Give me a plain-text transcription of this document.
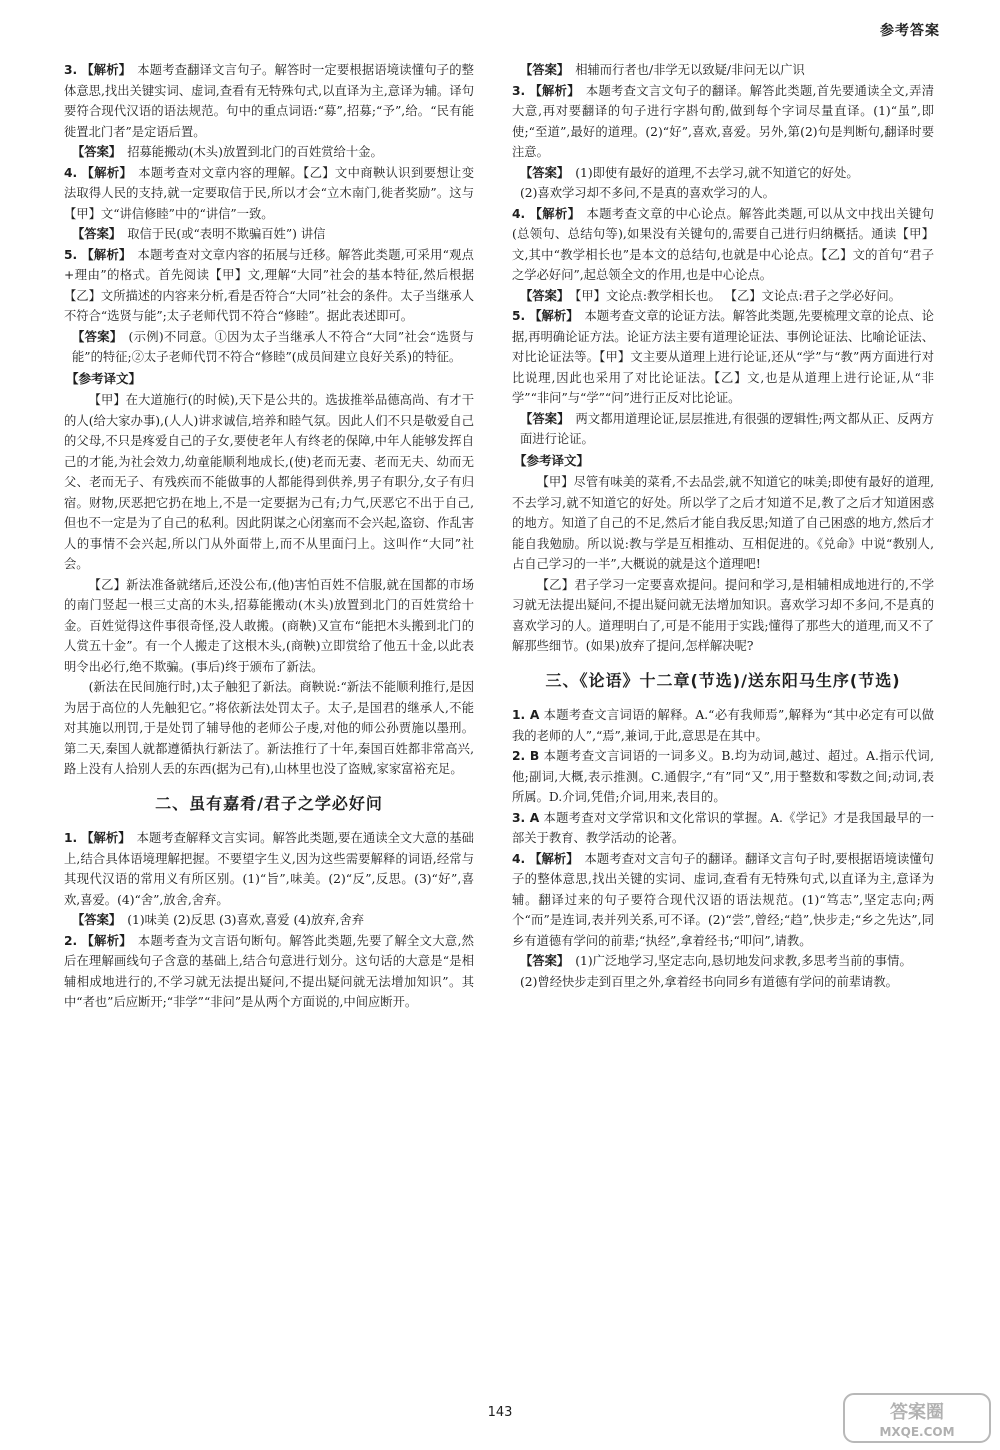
参考答案

3. 【解析】 本题考查翻译文言句子。解答时一定要根据语境读懂句子的整体意思,找出关键实词、虚词,查看有无特殊句式,以直译为主,意译为辅。译句要符合现代汉语的语法规范。句中的重点词语:“募”,招募;“予”,给。“民有能徙置北门者”是定语后置。

【答案】 招募能搬动(木头)放置到北门的百姓赏给十金。

4. 【解析】 本题考查对文章内容的理解。【乙】文中商鞅认识到要想让变法取得人民的支持,就一定要取信于民,所以才会“立木南门,徙者奖励”。这与【甲】文“讲信修睦”中的“讲信”一致。

【答案】 取信于民(或“表明不欺骗百姓”) 讲信

5. 【解析】 本题考查对文章内容的拓展与迁移。解答此类题,可采用“观点+理由”的格式。首先阅读【甲】文,理解“大同”社会的基本特征,然后根据【乙】文所描述的内容来分析,看是否符合“大同”社会的条件。太子当继承人不符合“选贤与能”;太子老师代罚不符合“修睦”。据此表述即可。

【答案】 (示例)不同意。①因为太子当继承人不符合“大同”社会“选贤与能”的特征;②太子老师代罚不符合“修睦”(成员间建立良好关系)的特征。

【参考译文】

【甲】在大道施行(的时候),天下是公共的。选拔推举品德高尚、有才干的人(给大家办事),(人人)讲求诚信,培养和睦气氛。因此人们不只是敬爱自己的父母,不只是疼爱自己的子女,要使老年人有终老的保障,中年人能够发挥自己的才能,为社会效力,幼童能顺利地成长,(使)老而无妻、老而无夫、幼而无父、老而无子、有残疾而不能做事的人都能得到供养,男子有职分,女子有归宿。财物,厌恶把它扔在地上,不是一定要据为己有;力气,厌恶它不出于自己,但也不一定是为了自己的私利。因此阴谋之心闭塞而不会兴起,盗窃、作乱害人的事情不会兴起,所以门从外面带上,而不从里面闩上。这叫作“大同”社会。

【乙】新法准备就绪后,还没公布,(他)害怕百姓不信服,就在国都的市场的南门竖起一根三丈高的木头,招募能搬动(木头)放置到北门的百姓赏给十金。百姓觉得这件事很奇怪,没人敢搬。(商鞅)又宣布“能把木头搬到北门的人赏五十金”。有一个人搬走了这根木头,(商鞅)立即赏给了他五十金,以此表明令出必行,绝不欺骗。(事后)终于颁布了新法。

(新法在民间施行时,)太子触犯了新法。商鞅说:“新法不能顺利推行,是因为居于高位的人先触犯它。”将依新法处罚太子。太子,是国君的继承人,不能对其施以刑罚,于是处罚了辅导他的老师公子虔,对他的师公孙贾施以墨刑。第二天,秦国人就都遵循执行新法了。新法推行了十年,秦国百姓都非常高兴,路上没有人拾别人丢的东西(据为己有),山林里也没了盗贼,家家富裕充足。

二、虽有嘉肴/君子之学必好问

1. 【解析】 本题考查解释文言实词。解答此类题,要在通读全文大意的基础上,结合具体语境理解把握。不要望字生义,因为这些需要解释的词语,经常与其现代汉语的常用义有所区别。(1)“旨”,味美。(2)“反”,反思。(3)“好”,喜欢,喜爱。(4)“舍”,放舍,舍弃。

【答案】 (1)味美 (2)反思 (3)喜欢,喜爱 (4)放弃,舍弃

2. 【解析】 本题考查为文言语句断句。解答此类题,先要了解全文大意,然后在理解画线句子含意的基础上,结合句意进行划分。这句话的大意是“是相辅相成地进行的,不学习就无法提出疑问,不提出疑问就无法增加知识”。其中“者也”后应断开;“非学”“非问”是从两个方面说的,中间应断开。

【答案】 相辅而行者也/非学无以致疑/非问无以广识

3. 【解析】 本题考查文言文句子的翻译。解答此类题,首先要通读全文,弄清大意,再对要翻译的句子进行字斟句酌,做到每个字词尽量直译。(1)“虽”,即使;“至道”,最好的道理。(2)“好”,喜欢,喜爱。另外,第(2)句是判断句,翻译时要注意。

【答案】 (1)即使有最好的道理,不去学习,就不知道它的好处。

(2)喜欢学习却不多问,不是真的喜欢学习的人。

4. 【解析】 本题考查文章的中心论点。解答此类题,可以从文中找出关键句(总领句、总结句等),如果没有关键句的,需要自己进行归纳概括。通读【甲】文,其中“教学相长也”是本文的总结句,也就是中心论点。【乙】文的首句“君子之学必好问”,起总领全文的作用,也是中心论点。

【答案】 【甲】文论点:教学相长也。 【乙】文论点:君子之学必好问。

5. 【解析】 本题考查文章的论证方法。解答此类题,先要梳理文章的论点、论据,再明确论证方法。论证方法主要有道理论证法、事例论证法、比喻论证法、对比论证法等。【甲】文主要从道理上进行论证,还从“学”与“教”两方面进行对比说理,因此也采用了对比论证法。【乙】文,也是从道理上进行论证,从“非学”“非问”与“学”“问”进行正反对比论证。

【答案】 两文都用道理论证,层层推进,有很强的逻辑性;两文都从正、反两方面进行论证。

【参考译文】

【甲】尽管有味美的菜肴,不去品尝,就不知道它的味美;即使有最好的道理,不去学习,就不知道它的好处。所以学了之后才知道不足,教了之后才知道困惑的地方。知道了自己的不足,然后才能自我反思;知道了自己困惑的地方,然后才能自我勉励。所以说:教与学是互相推动、互相促进的。《兑命》中说“教别人,占自己学习的一半”,大概说的就是这个道理吧!

【乙】君子学习一定要喜欢提问。提问和学习,是相辅相成地进行的,不学习就无法提出疑问,不提出疑问就无法增加知识。喜欢学习却不多问,不是真的喜欢学习的人。道理明白了,可是不能用于实践;懂得了那些大的道理,而又不了解那些细节。(如果)放弃了提问,怎样解决呢?

三、《论语》十二章(节选)/送东阳马生序(节选)

1. A 本题考查文言词语的解释。A.“必有我师焉”,解释为“其中必定有可以做我的老师的人”,“焉”,兼词,于此,意思是在其中。

2. B 本题考查文言词语的一词多义。B.均为动词,越过、超过。A.指示代词,他;副词,大概,表示推测。C.通假字,“有”同“又”,用于整数和零数之间;动词,表所属。D.介词,凭借;介词,用来,表目的。

3. A 本题考查对文学常识和文化常识的掌握。A.《学记》才是我国最早的一部关于教育、教学活动的论著。

4. 【解析】 本题考查对文言句子的翻译。翻译文言句子时,要根据语境读懂句子的整体意思,找出关键的实词、虚词,查看有无特殊句式,以直译为主,意译为辅。翻译过来的句子要符合现代汉语的语法规范。(1)“笃志”,坚定志向;两个“而”是连词,表并列关系,可不译。(2)“尝”,曾经;“趋”,快步走;“乡之先达”,同乡有道德有学问的前辈;“执经”,拿着经书;“叩问”,请教。

【答案】 (1)广泛地学习,坚定志向,恳切地发问求教,多思考当前的事情。

(2)曾经快步走到百里之外,拿着经书向同乡有道德有学问的前辈请教。

143	答案圈
MXQE.COM
